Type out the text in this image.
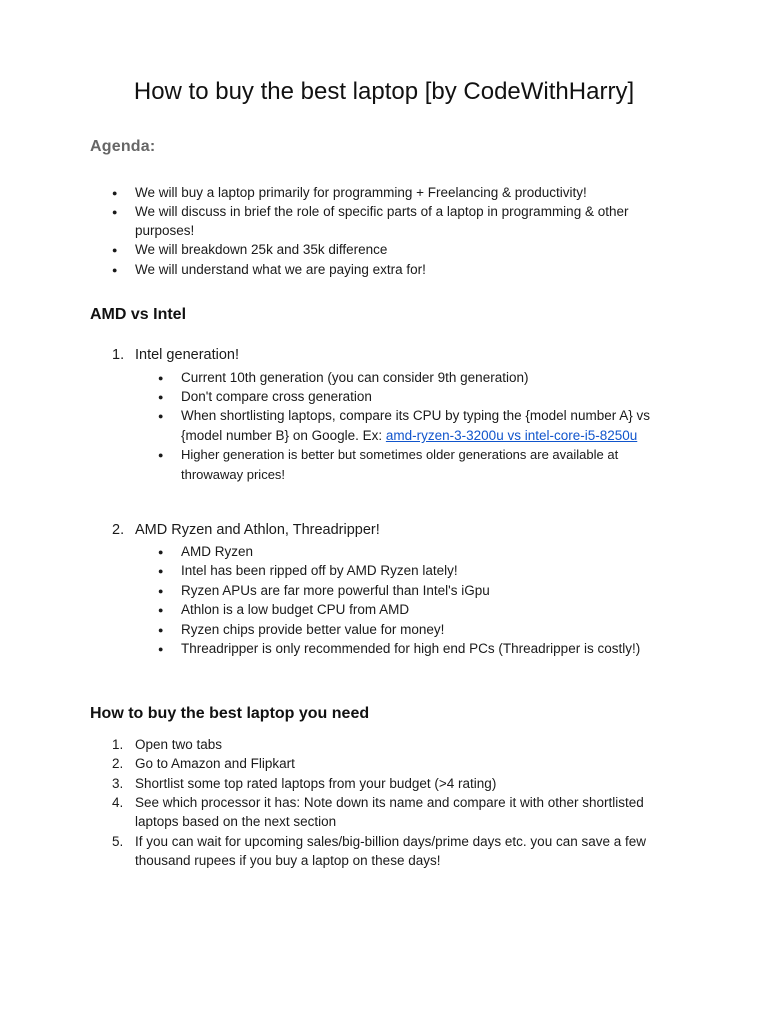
How to buy the best laptop [by CodeWithHarry]
Agenda:
● We will buy a laptop primarily for programming + Freelancing & productivity!
● We will discuss in brief the role of specific parts of a laptop in programming & other purposes!
● We will breakdown 25k and 35k difference
● We will understand what we are paying extra for!
AMD vs Intel
1. Intel generation!
● Current 10th generation (you can consider 9th generation)
● Don't compare cross generation
● When shortlisting laptops, compare its CPU by typing the {model number A} vs
{model number B} on Google. Ex: amd-ryzen-3-3200u vs intel-core-i5-8250u
● Higher generation is better but sometimes older generations are available at
throwaway prices!
2. AMD Ryzen and Athlon, Threadripper!
● AMD Ryzen
● Intel has been ripped off by AMD Ryzen lately!
● Ryzen APUs are far more powerful than Intel's iGpu
● Athlon is a low budget CPU from AMD
● Ryzen chips provide better value for money!
● Threadripper is only recommended for high end PCs (Threadripper is costly!)
How to buy the best laptop you need
1. Open two tabs
2. Go to Amazon and Flipkart
3. Shortlist some top rated laptops from your budget (>4 rating)
4. See which processor it has: Note down its name and compare it with other shortlisted
laptops based on the next section
5. If you can wait for upcoming sales/big-billion days/prime days etc. you can save a few
thousand rupees if you buy a laptop on these days!
